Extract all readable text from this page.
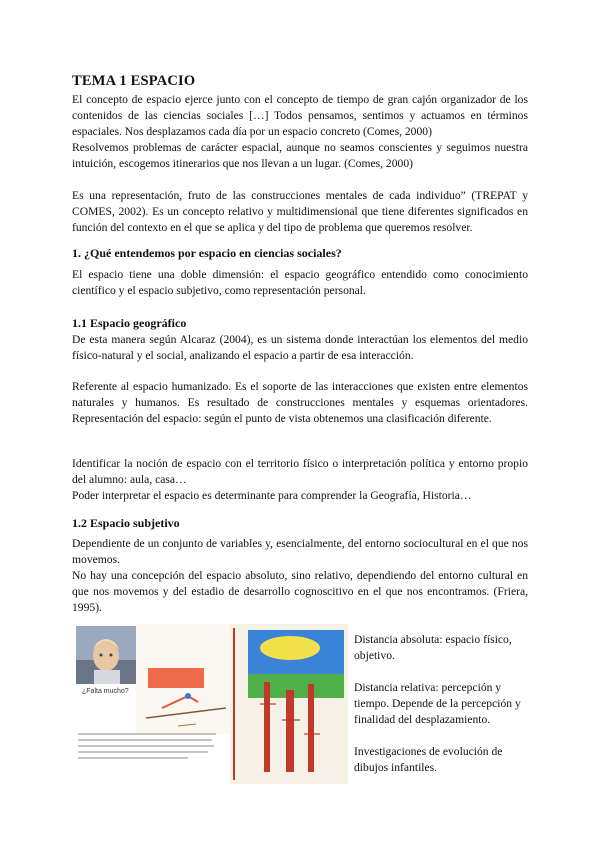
TEMA 1 ESPACIO
El concepto de espacio ejerce junto con el concepto de tiempo de gran cajón organizador de los contenidos de las ciencias sociales […] Todos pensamos, sentimos y actuamos en términos espaciales. Nos desplazamos cada día por un espacio concreto (Comes, 2000)
Resolvemos problemas de carácter espacial, aunque no seamos conscientes y seguimos nuestra intuición, escogemos itinerarios que nos llevan a un lugar. (Comes, 2000)
Es una representación, fruto de las construcciones mentales de cada individuo” (TREPAT y COMES, 2002). Es un concepto relativo y multidimensional que tiene diferentes significados en función del contexto en el que se aplica y del tipo de problema que queremos resolver.
1. ¿Qué entendemos por espacio en ciencias sociales?
El espacio tiene una doble dimensión: el espacio geográfico entendido como conocimiento científico y el espacio subjetivo, como representación personal.
1.1 Espacio geográfico
De esta manera según Alcaraz (2004), es un sistema donde interactúan los elementos del medio físico-natural y el social, analizando el espacio a partir de esa interacción.
Referente al espacio humanizado. Es el soporte de las interacciones que existen entre elementos naturales y humanos. Es resultado de construcciones mentales y esquemas orientadores. Representación del espacio: según el punto de vista obtenemos una clasificación diferente.
Identificar la noción de espacio con el territorio físico o interpretación política y entorno propio del alumno: aula, casa…
Poder interpretar el espacio es determinante para comprender la Geografía, Historia…
1.2 Espacio subjetivo
Dependiente de un conjunto de variables y, esencialmente, del entorno sociocultural en el que nos movemos.
No hay una concepción del espacio absoluto, sino relativo, dependiendo del entorno cultural en que nos movemos y del estadio de desarrollo cognoscitivo en el que nos encontramos. (Friera, 1995).
¿Falta mucho?
Distancia absoluta: espacio físico, objetivo.
Distancia relativa: percepción y tiempo. Depende de la percepción y finalidad del desplazamiento.
Investigaciones de evolución de dibujos infantiles.
